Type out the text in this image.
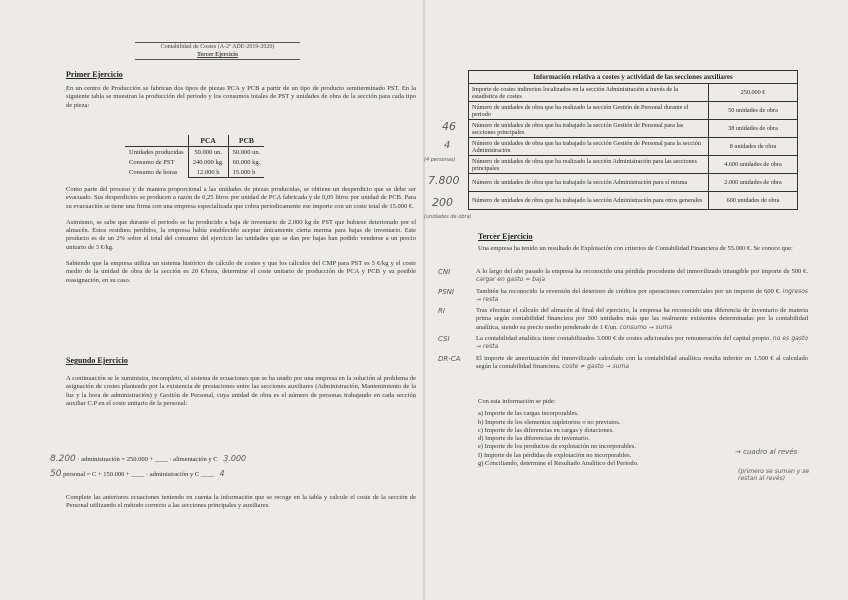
Contabilidad de Costes (A-2º ADE-2019-2020)
Tercer Ejercicio
Primer Ejercicio

En un centro de Producción se fabrican dos tipos de piezas PCA y PCB a partir de un tipo de producto semiterminado PST. En la siguiente tabla se muestran la producción del periodo y los consumos totales de PST y unidades de obra de la sección para cada tipo de pieza:

	PCA	PCB
Unidades producidas	50.000 un.	50.000 un.
Consumo de PST	240.000 kg.	60.000 kg.
Consumo de horas	12.000 h	15.000 h

Como parte del proceso y de manera proporcional a las unidades de piezas producidas, se obtiene un desperdicio que se debe ser evacuado. Sus desperdicios se producen a razón de 0,25 litros por unidad de PCA fabricada y de 0,05 litros por unidad de PCB. Para su evacuación se tiene una firma con una empresa especializada que cobra periodicamente ese importe con un coste total de 15.000 €.

Asimismo, se sabe que durante el periodo se ha producido a baja de inventario de 2.000 kg de PST que hubiese deteriorado por el almacén. Estos residuos perdidos, la empresa había establecido aceptar únicamente cierta merma para bajas de inventario. Este producto es de un 2% sobre el total del consumo del ejercicio las unidades que se dan por bajas han podido venderse a un precio unitario de 3 €/kg.

Sabiendo que la empresa utiliza un sistema histórico de cálculo de costes y que los cálculos del CMP para PST es 5 €/kg y el coste medio de la unidad de obra de la sección es 20 €/hora, determine el coste unitario de producción de PCA y PCB y su posible reasignación, en su caso.

Segundo Ejercicio

A continuación se le suministra, incompleto, el sistema de ecuaciones que se ha usado por una empresa en la solución al problema de asignación de costes planteado por la existencia de prestaciones entre las secciones auxiliares (Administración, Mantenimiento de la luz y la hora de administración) y Gestión de Personal, cuya unidad de obra es el número de personas trabajando en cada sección auxiliar C.P en el coste unitario de la personal:

8.200 · administración = 250.000 + ____ · alimentación y C 3.000
50 personal = C + 150.000 + ____ · administración y C ____ 4

Complete las anteriores ecuaciones teniendo en cuenta la información que se recoge en la tabla y calcule el coste de la sección de Personal utilizando el método correcto a las secciones principales y auxiliares.

Información relativa a costes y actividad de las secciones auxiliares	
Importe de costes indirectos localizados en la sección Administración a través de la estadística de costes	250.000 €
Número de unidades de obra que ha realizado la sección Gestión de Personal durante el periodo	50 unidades de obra
Número de unidades de obra que ha trabajado la sección Gestión de Personal para las secciones principales	38 unidades de obra
Número de unidades de obra que ha trabajado la sección Gestión de Personal para la sección Administración	8 unidades de obra
Número de unidades de obra que ha realizado la sección Administración para las secciones principales	4.600 unidades de obra
Número de unidades de obra que ha trabajado la sección Administración para sí misma	2.000 unidades de obra
Número de unidades de obra que ha trabajado la sección Administración para otros generales	600 unidades de obra
46
4
(4 personas)
7.800
200
(unidades de obra)
Tercer Ejercicio

Una empresa ha tenido un resultado de Explotación con criterios de Contabilidad Financiera de 55.000 €. Se conoce que:

CNI	A lo largo del año pasado la empresa ha reconocido una pérdida procedente del inmovilizado intangible por importe de 500 €. cargar en gasto = baja

PSNI	También ha reconocido la reversión del deterioro de créditos por operaciones comerciales por un importe de 600 €. ingresos → resta

RI	Tras efectuar el cálculo del almacén al final del ejercicio, la empresa ha reconocido una diferencia de inventario de materia prima según contabilidad financiera por 300 unidades más que las realmente existentes determinadas por la contabilidad analítica, siendo su precio medio ponderado de 1 €/un. consumo → suma

CSI	La contabilidad analítica tiene contabilizados 3.000 € de costes adicionales por remuneración del capital propio. no es gasto → resta

DR-CA	El importe de amortización del inmovilizado calculado con la contabilidad analítica resulta inferior en 1.500 € al calculado según la contabilidad financiera. coste ≠ gasto → suma

Con esta información se pide:

a) Importe de las cargas incorporables.

b) Importe de los elementos supletorios o no previstos.

c) Importe de las diferencias en cargas y dotaciones.

d) Importe de las diferencias de inventario.

e) Importe de los productos de explotación no incorporables.

f) Importe de las pérdidas de explotación no incorporables.

g) Conciliando, determine el Resultado Analítico del Periodo.

→ cuadro al revés
(primero se suman y se restan al revés)
